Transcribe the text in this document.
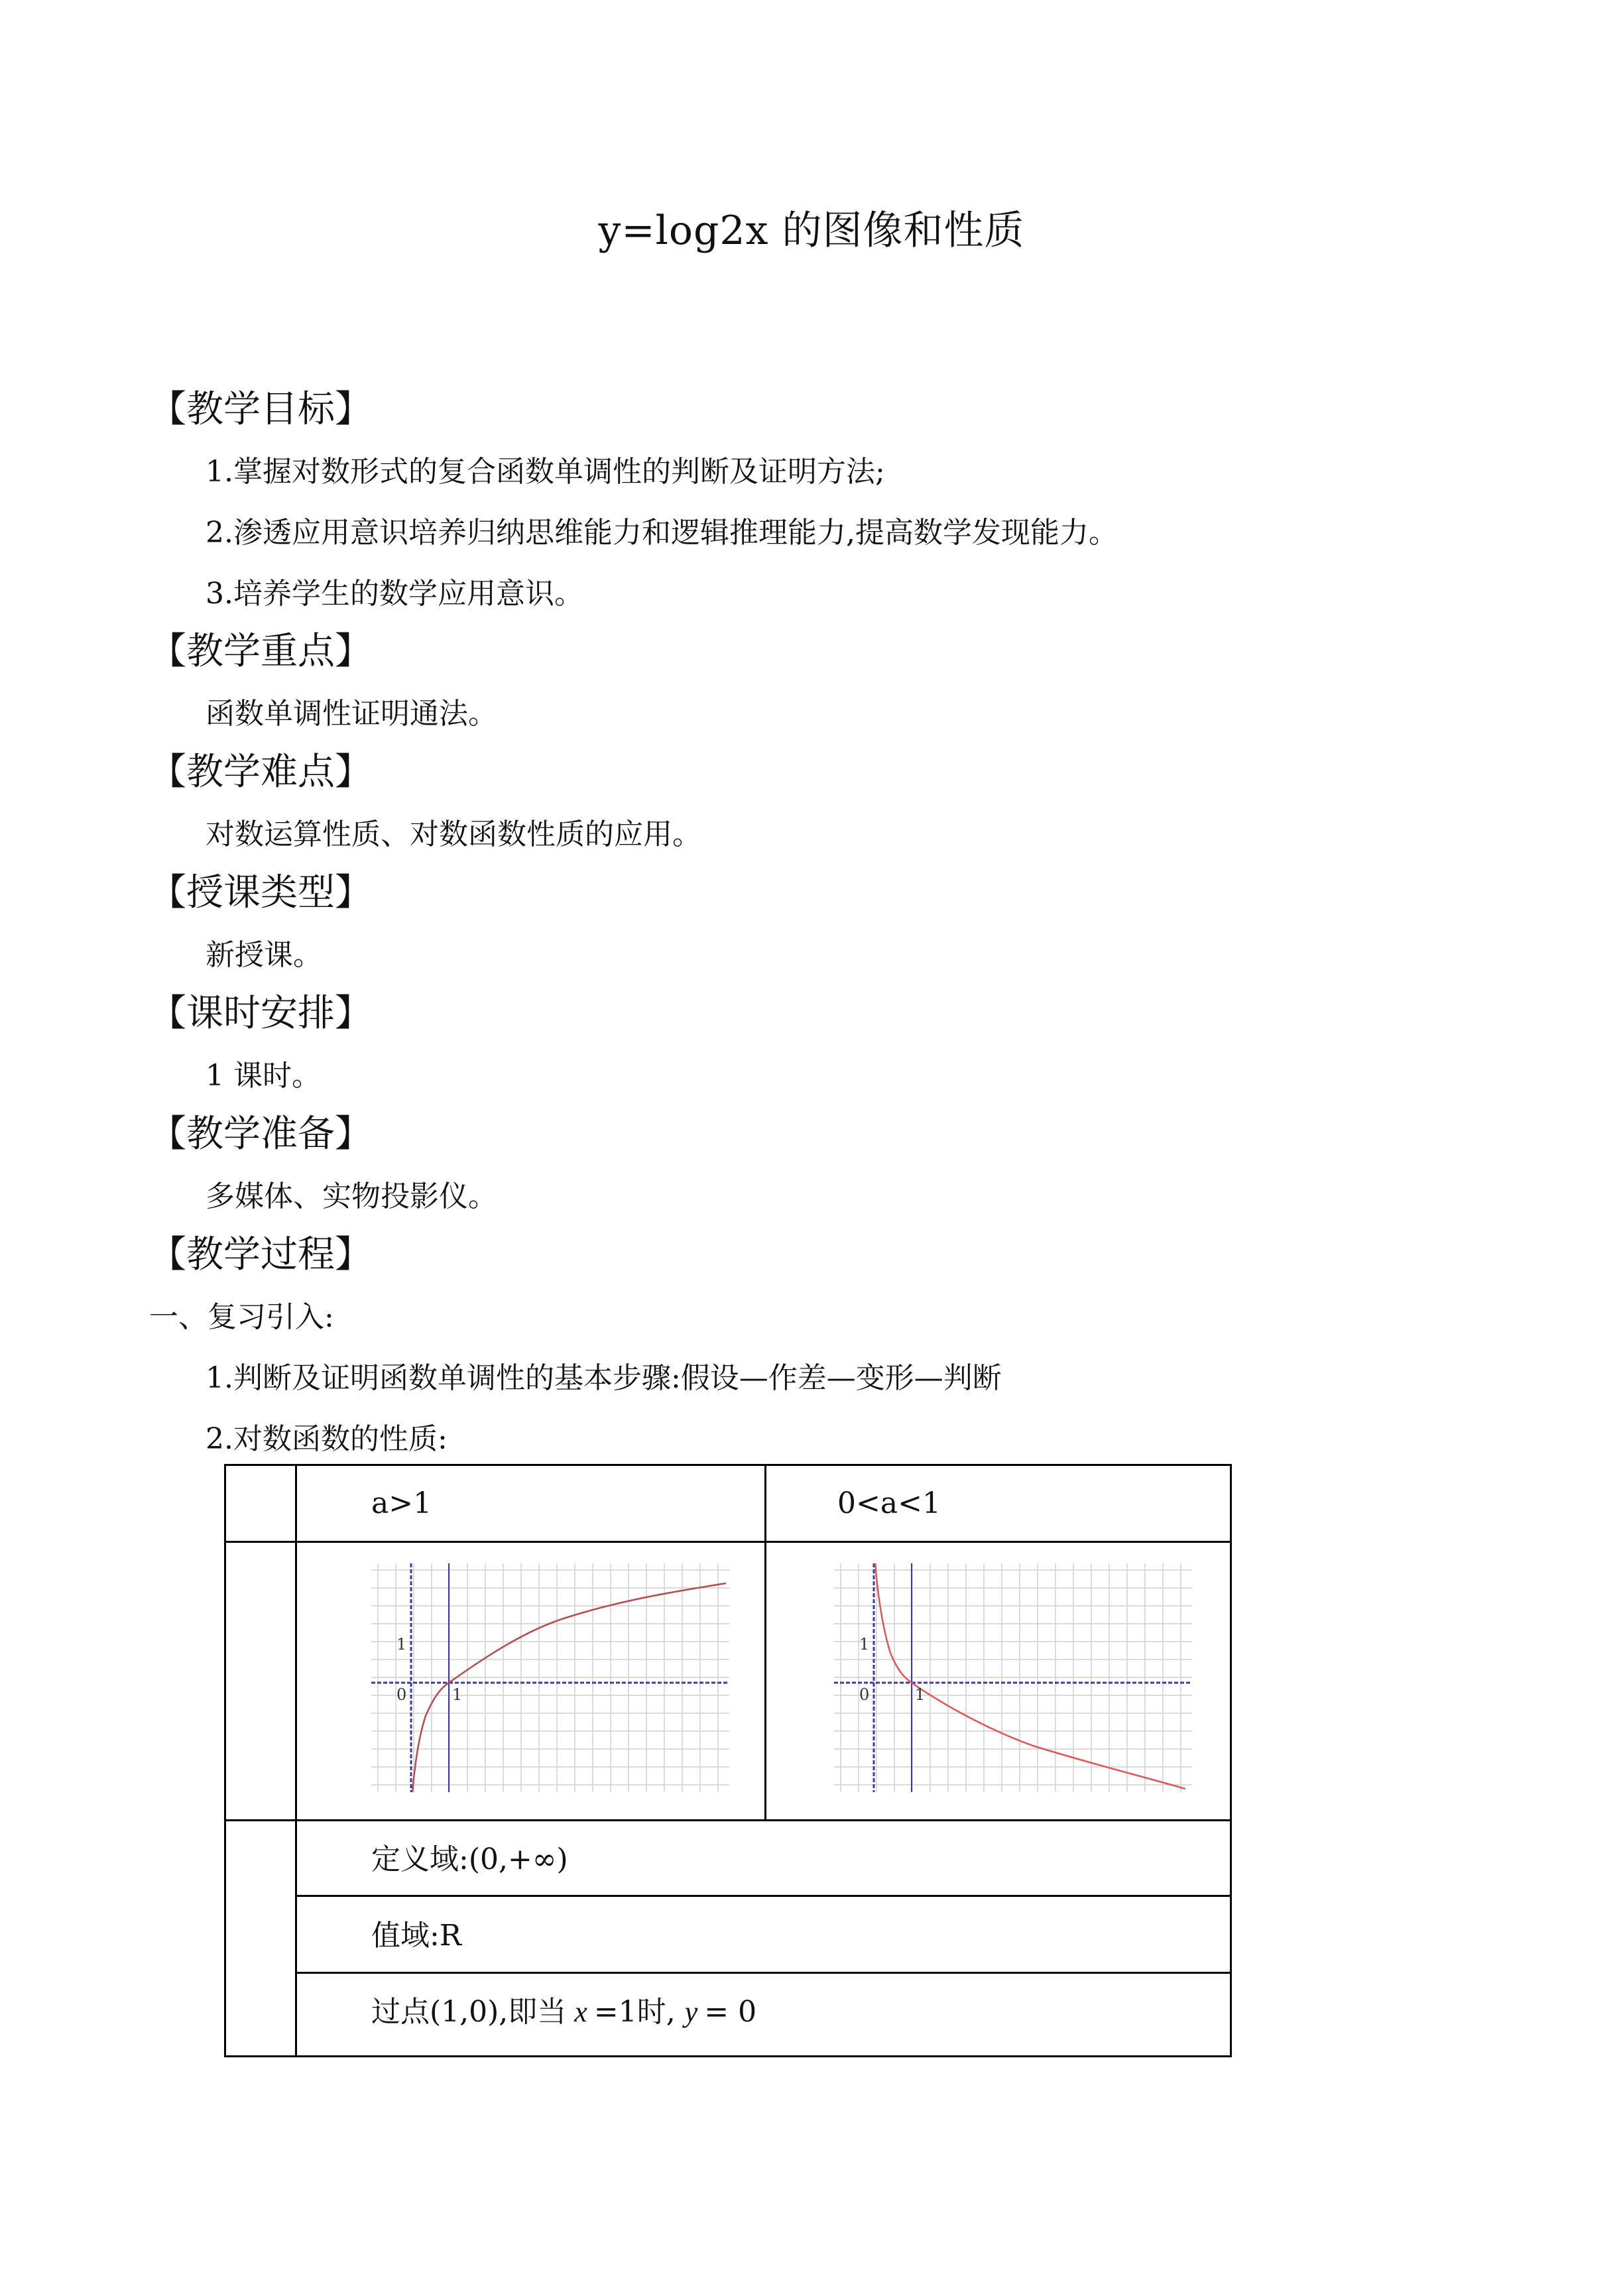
y=log2x 的图像和性质
【教学目标】
1.掌握对数形式的复合函数单调性的判断及证明方法;
2.渗透应用意识培养归纳思维能力和逻辑推理能力,提高数学发现能力。
3.培养学生的数学应用意识。
【教学重点】
函数单调性证明通法。
【教学难点】
对数运算性质、对数函数性质的应用。
【授课类型】
新授课。
【课时安排】
1 课时。
【教学准备】
多媒体、实物投影仪。
【教学过程】
一、复习引入:
1.判断及证明函数单调性的基本步骤:假设—作差—变形—判断
2.对数函数的性质:
a>1	0<a<1
0	1
1
0	1
1
定义域:(0,+∞)
值域:R
过点(1,0),即当 x =1时, y = 0
